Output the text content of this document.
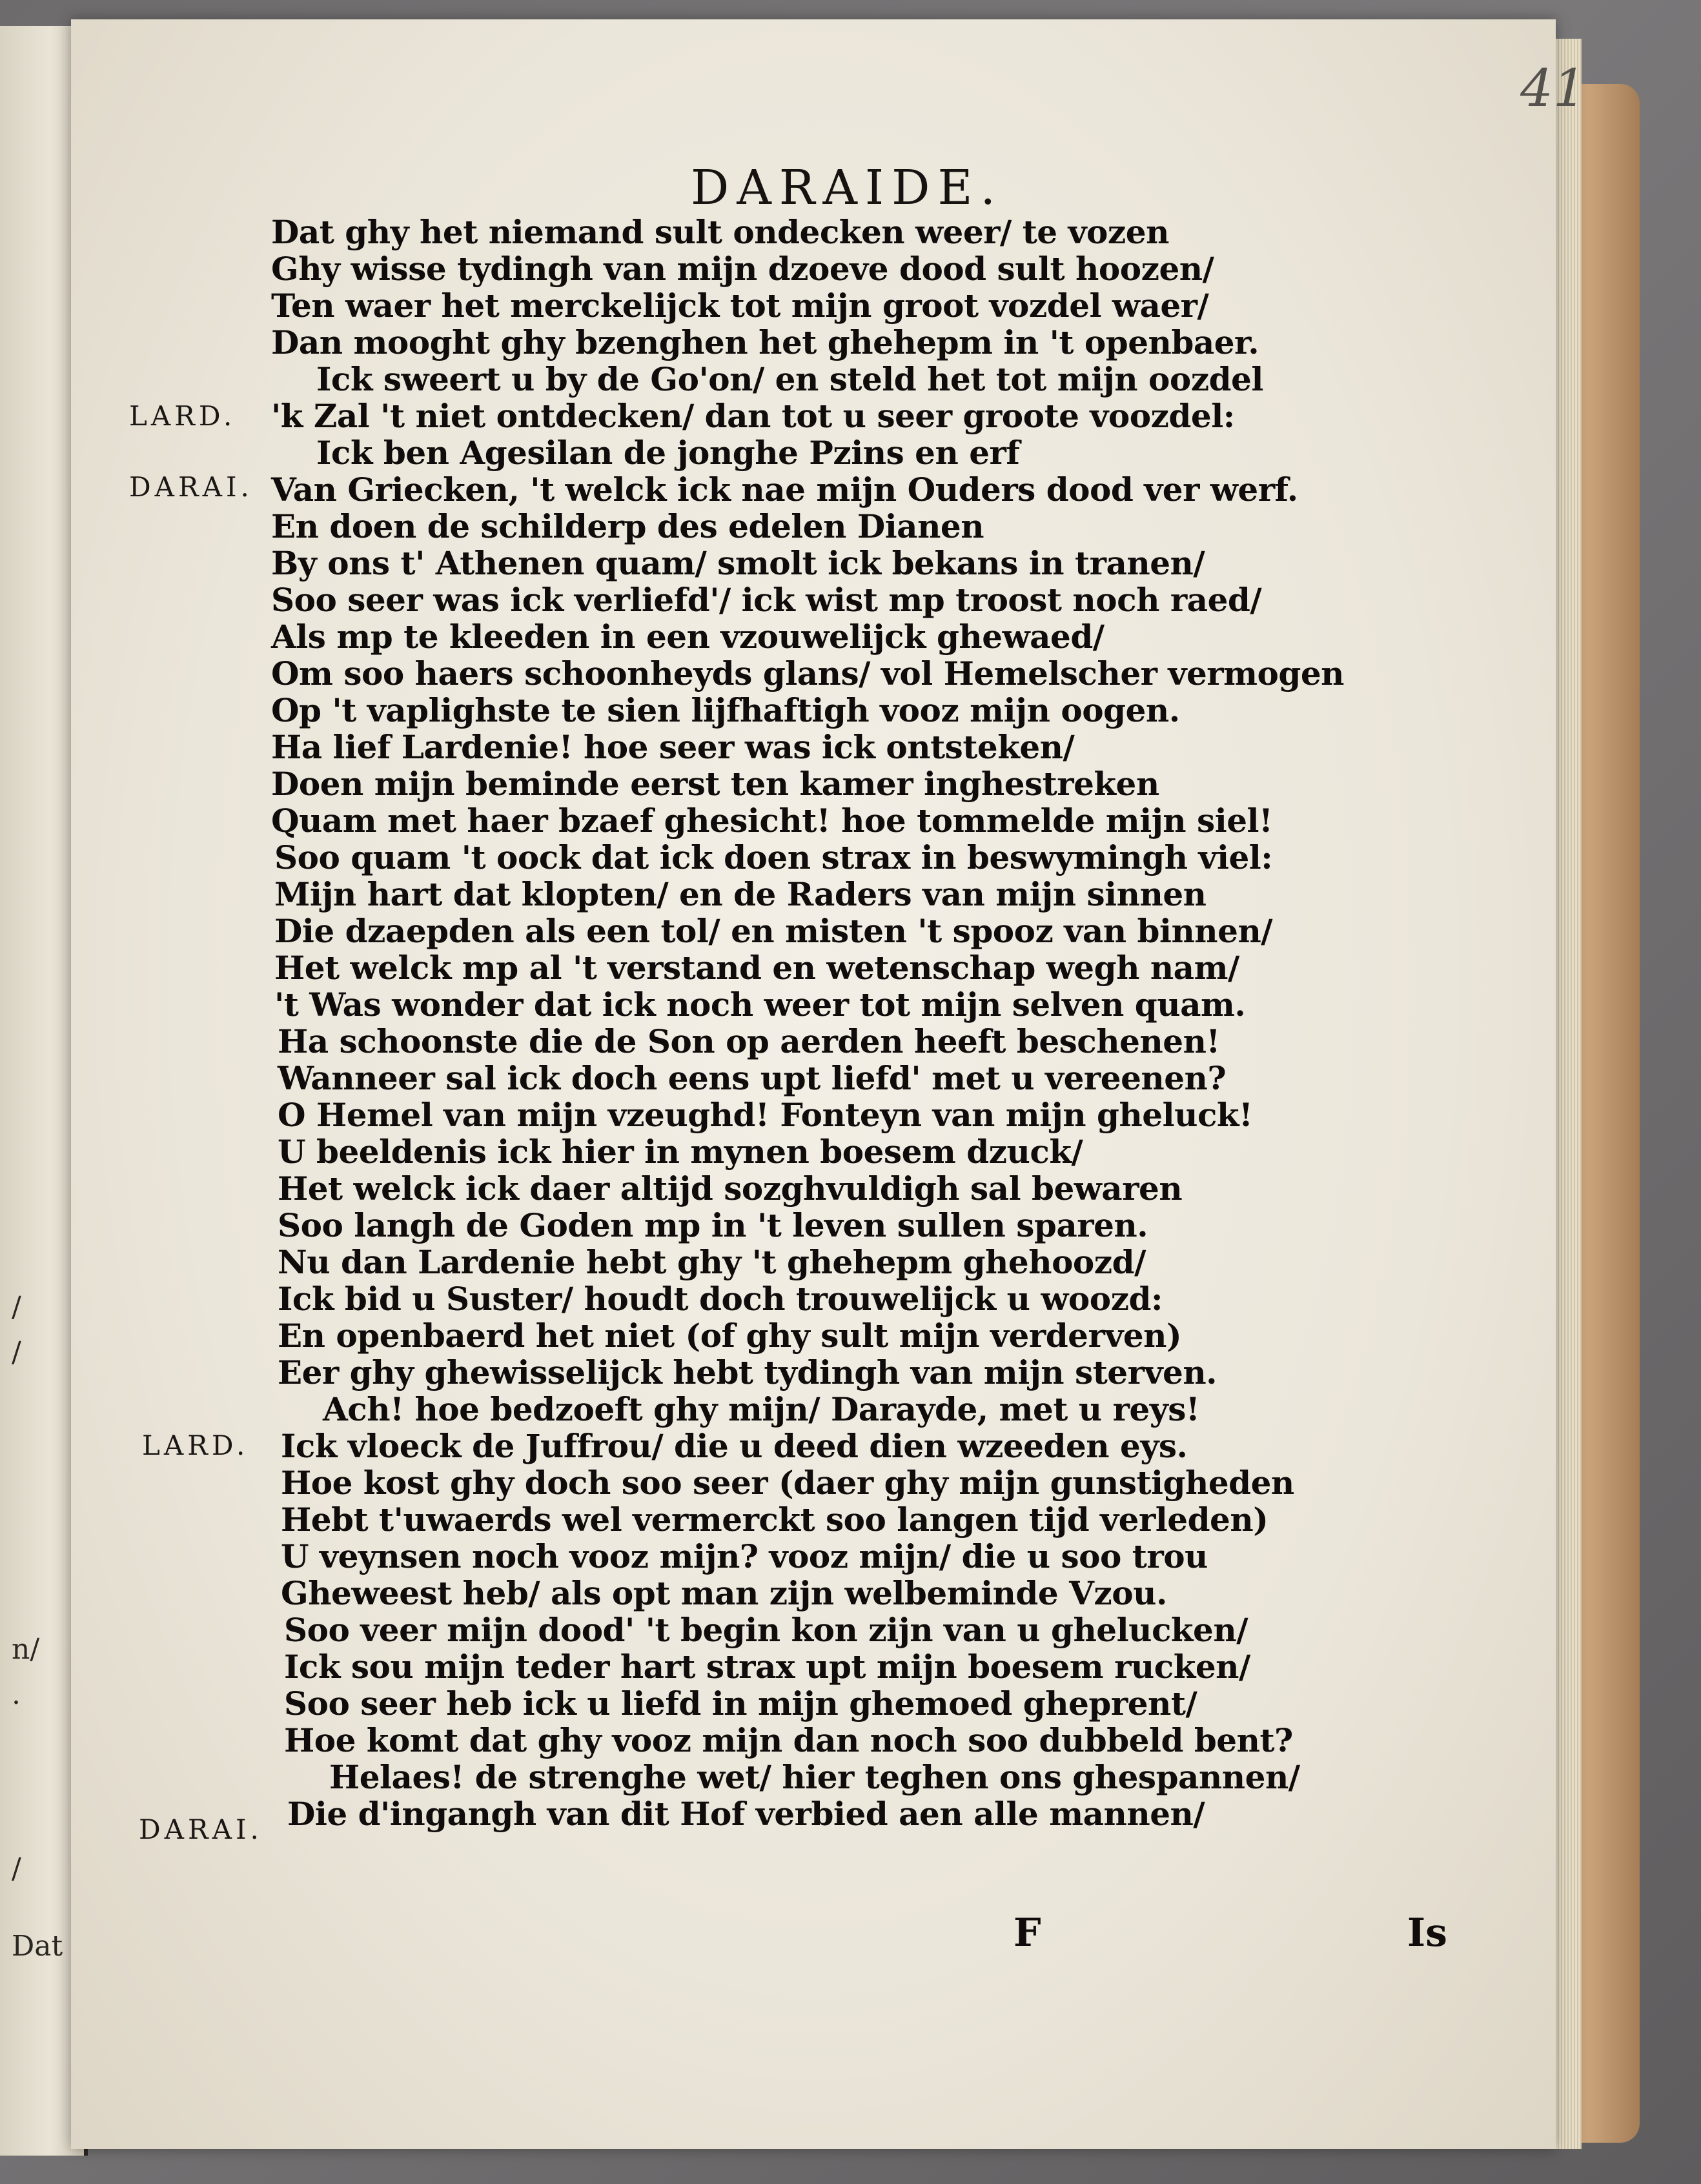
/
/
n/
.
/
Dat
41
DARAIDE.
LARD.
DARAI.
LARD.
DARAI.
Dat ghy het niemand sult ondecken weer/ te vozen
Ghy wisse tydingh van mijn dzoeve dood sult hoozen/
Ten waer het merckelijck tot mijn groot vozdel waer/
Dan mooght ghy bzenghen het ghehepm in 't openbaer.
Ick sweert u by de Go'on/ en steld het tot mijn oozdel
'k Zal 't niet ontdecken/ dan tot u seer groote voozdel:
Ick ben Agesilan de jonghe Pzins en erf
Van Griecken, 't welck ick nae mijn Ouders dood ver werf.
En doen de schilderp des edelen Dianen
By ons t' Athenen quam/ smolt ick bekans in tranen/
Soo seer was ick verliefd'/ ick wist mp troost noch raed/
Als mp te kleeden in een vzouwelijck ghewaed/
Om soo haers schoonheyds glans/ vol Hemelscher vermogen
Op 't vaplighste te sien lijfhaftigh vooz mijn oogen.
Ha lief Lardenie! hoe seer was ick ontsteken/
Doen mijn beminde eerst ten kamer inghestreken
Quam met haer bzaef ghesicht! hoe tommelde mijn siel!
Soo quam 't oock dat ick doen strax in beswymingh viel:
Mijn hart dat klopten/ en de Raders van mijn sinnen
Die dzaepden als een tol/ en misten 't spooz van binnen/
Het welck mp al 't verstand en wetenschap wegh nam/
't Was wonder dat ick noch weer tot mijn selven quam.
Ha schoonste die de Son op aerden heeft beschenen!
Wanneer sal ick doch eens upt liefd' met u vereenen?
O Hemel van mijn vzeughd! Fonteyn van mijn gheluck!
U beeldenis ick hier in mynen boesem dzuck/
Het welck ick daer altijd sozghvuldigh sal bewaren
Soo langh de Goden mp in 't leven sullen sparen.
Nu dan Lardenie hebt ghy 't ghehepm ghehoozd/
Ick bid u Suster/ houdt doch trouwelijck u woozd:
En openbaerd het niet (of ghy sult mijn verderven)
Eer ghy ghewisselijck hebt tydingh van mijn sterven.
Ach! hoe bedzoeft ghy mijn/ Darayde, met u reys!
Ick vloeck de Juffrou/ die u deed dien wzeeden eys.
Hoe kost ghy doch soo seer (daer ghy mijn gunstigheden
Hebt t'uwaerds wel vermerckt soo langen tijd verleden)
U veynsen noch vooz mijn? vooz mijn/ die u soo trou
Gheweest heb/ als opt man zijn welbeminde Vzou.
Soo veer mijn dood' 't begin kon zijn van u ghelucken/
Ick sou mijn teder hart strax upt mijn boesem rucken/
Soo seer heb ick u liefd in mijn ghemoed gheprent/
Hoe komt dat ghy vooz mijn dan noch soo dubbeld bent?
Helaes! de strenghe wet/ hier teghen ons ghespannen/
Die d'ingangh van dit Hof verbied aen alle mannen/
F	Is
